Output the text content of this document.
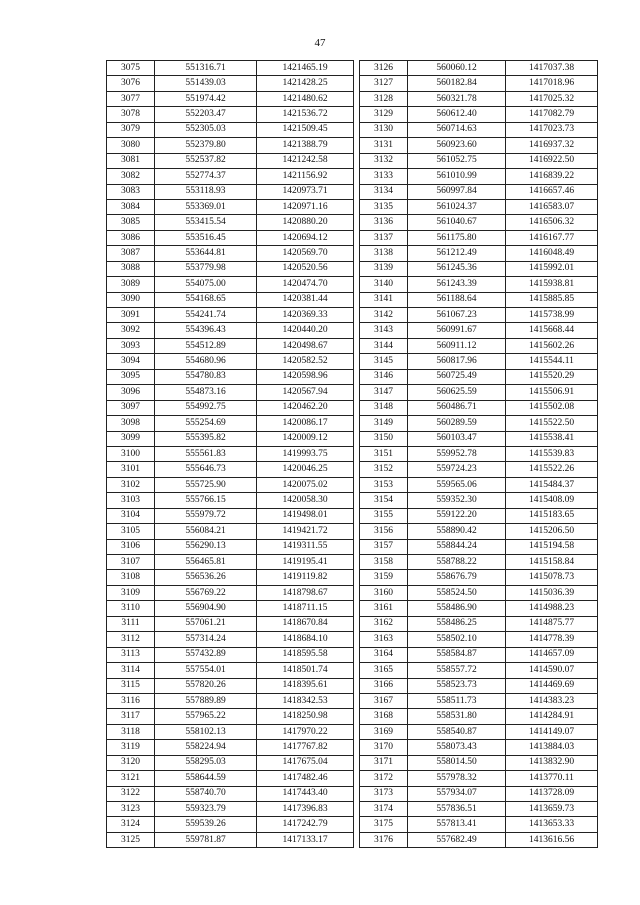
47
3075	551316.71	1421465.19
3076	551439.03	1421428.25
3077	551974.42	1421480.62
3078	552203.47	1421536.72
3079	552305.03	1421509.45
3080	552379.80	1421388.79
3081	552537.82	1421242.58
3082	552774.37	1421156.92
3083	553118.93	1420973.71
3084	553369.01	1420971.16
3085	553415.54	1420880.20
3086	553516.45	1420694.12
3087	553644.81	1420569.70
3088	553779.98	1420520.56
3089	554075.00	1420474.70
3090	554168.65	1420381.44
3091	554241.74	1420369.33
3092	554396.43	1420440.20
3093	554512.89	1420498.67
3094	554680.96	1420582.52
3095	554780.83	1420598.96
3096	554873.16	1420567.94
3097	554992.75	1420462.20
3098	555254.69	1420086.17
3099	555395.82	1420009.12
3100	555561.83	1419993.75
3101	555646.73	1420046.25
3102	555725.90	1420075.02
3103	555766.15	1420058.30
3104	555979.72	1419498.01
3105	556084.21	1419421.72
3106	556290.13	1419311.55
3107	556465.81	1419195.41
3108	556536.26	1419119.82
3109	556769.22	1418798.67
3110	556904.90	1418711.15
3111	557061.21	1418670.84
3112	557314.24	1418684.10
3113	557432.89	1418595.58
3114	557554.01	1418501.74
3115	557820.26	1418395.61
3116	557889.89	1418342.53
3117	557965.22	1418250.98
3118	558102.13	1417970.22
3119	558224.94	1417767.82
3120	558295.03	1417675.04
3121	558644.59	1417482.46
3122	558740.70	1417443.40
3123	559323.79	1417396.83
3124	559539.26	1417242.79
3125	559781.87	1417133.17
3126	560060.12	1417037.38
3127	560182.84	1417018.96
3128	560321.78	1417025.32
3129	560612.40	1417082.79
3130	560714.63	1417023.73
3131	560923.60	1416937.32
3132	561052.75	1416922.50
3133	561010.99	1416839.22
3134	560997.84	1416657.46
3135	561024.37	1416583.07
3136	561040.67	1416506.32
3137	561175.80	1416167.77
3138	561212.49	1416048.49
3139	561245.36	1415992.01
3140	561243.39	1415938.81
3141	561188.64	1415885.85
3142	561067.23	1415738.99
3143	560991.67	1415668.44
3144	560911.12	1415602.26
3145	560817.96	1415544.11
3146	560725.49	1415520.29
3147	560625.59	1415506.91
3148	560486.71	1415502.08
3149	560289.59	1415522.50
3150	560103.47	1415538.41
3151	559952.78	1415539.83
3152	559724.23	1415522.26
3153	559565.06	1415484.37
3154	559352.30	1415408.09
3155	559122.20	1415183.65
3156	558890.42	1415206.50
3157	558844.24	1415194.58
3158	558788.22	1415158.84
3159	558676.79	1415078.73
3160	558524.50	1415036.39
3161	558486.90	1414988.23
3162	558486.25	1414875.77
3163	558502.10	1414778.39
3164	558584.87	1414657.09
3165	558557.72	1414590.07
3166	558523.73	1414469.69
3167	558511.73	1414383.23
3168	558531.80	1414284.91
3169	558540.87	1414149.07
3170	558073.43	1413884.03
3171	558014.50	1413832.90
3172	557978.32	1413770.11
3173	557934.07	1413728.09
3174	557836.51	1413659.73
3175	557813.41	1413653.33
3176	557682.49	1413616.56
